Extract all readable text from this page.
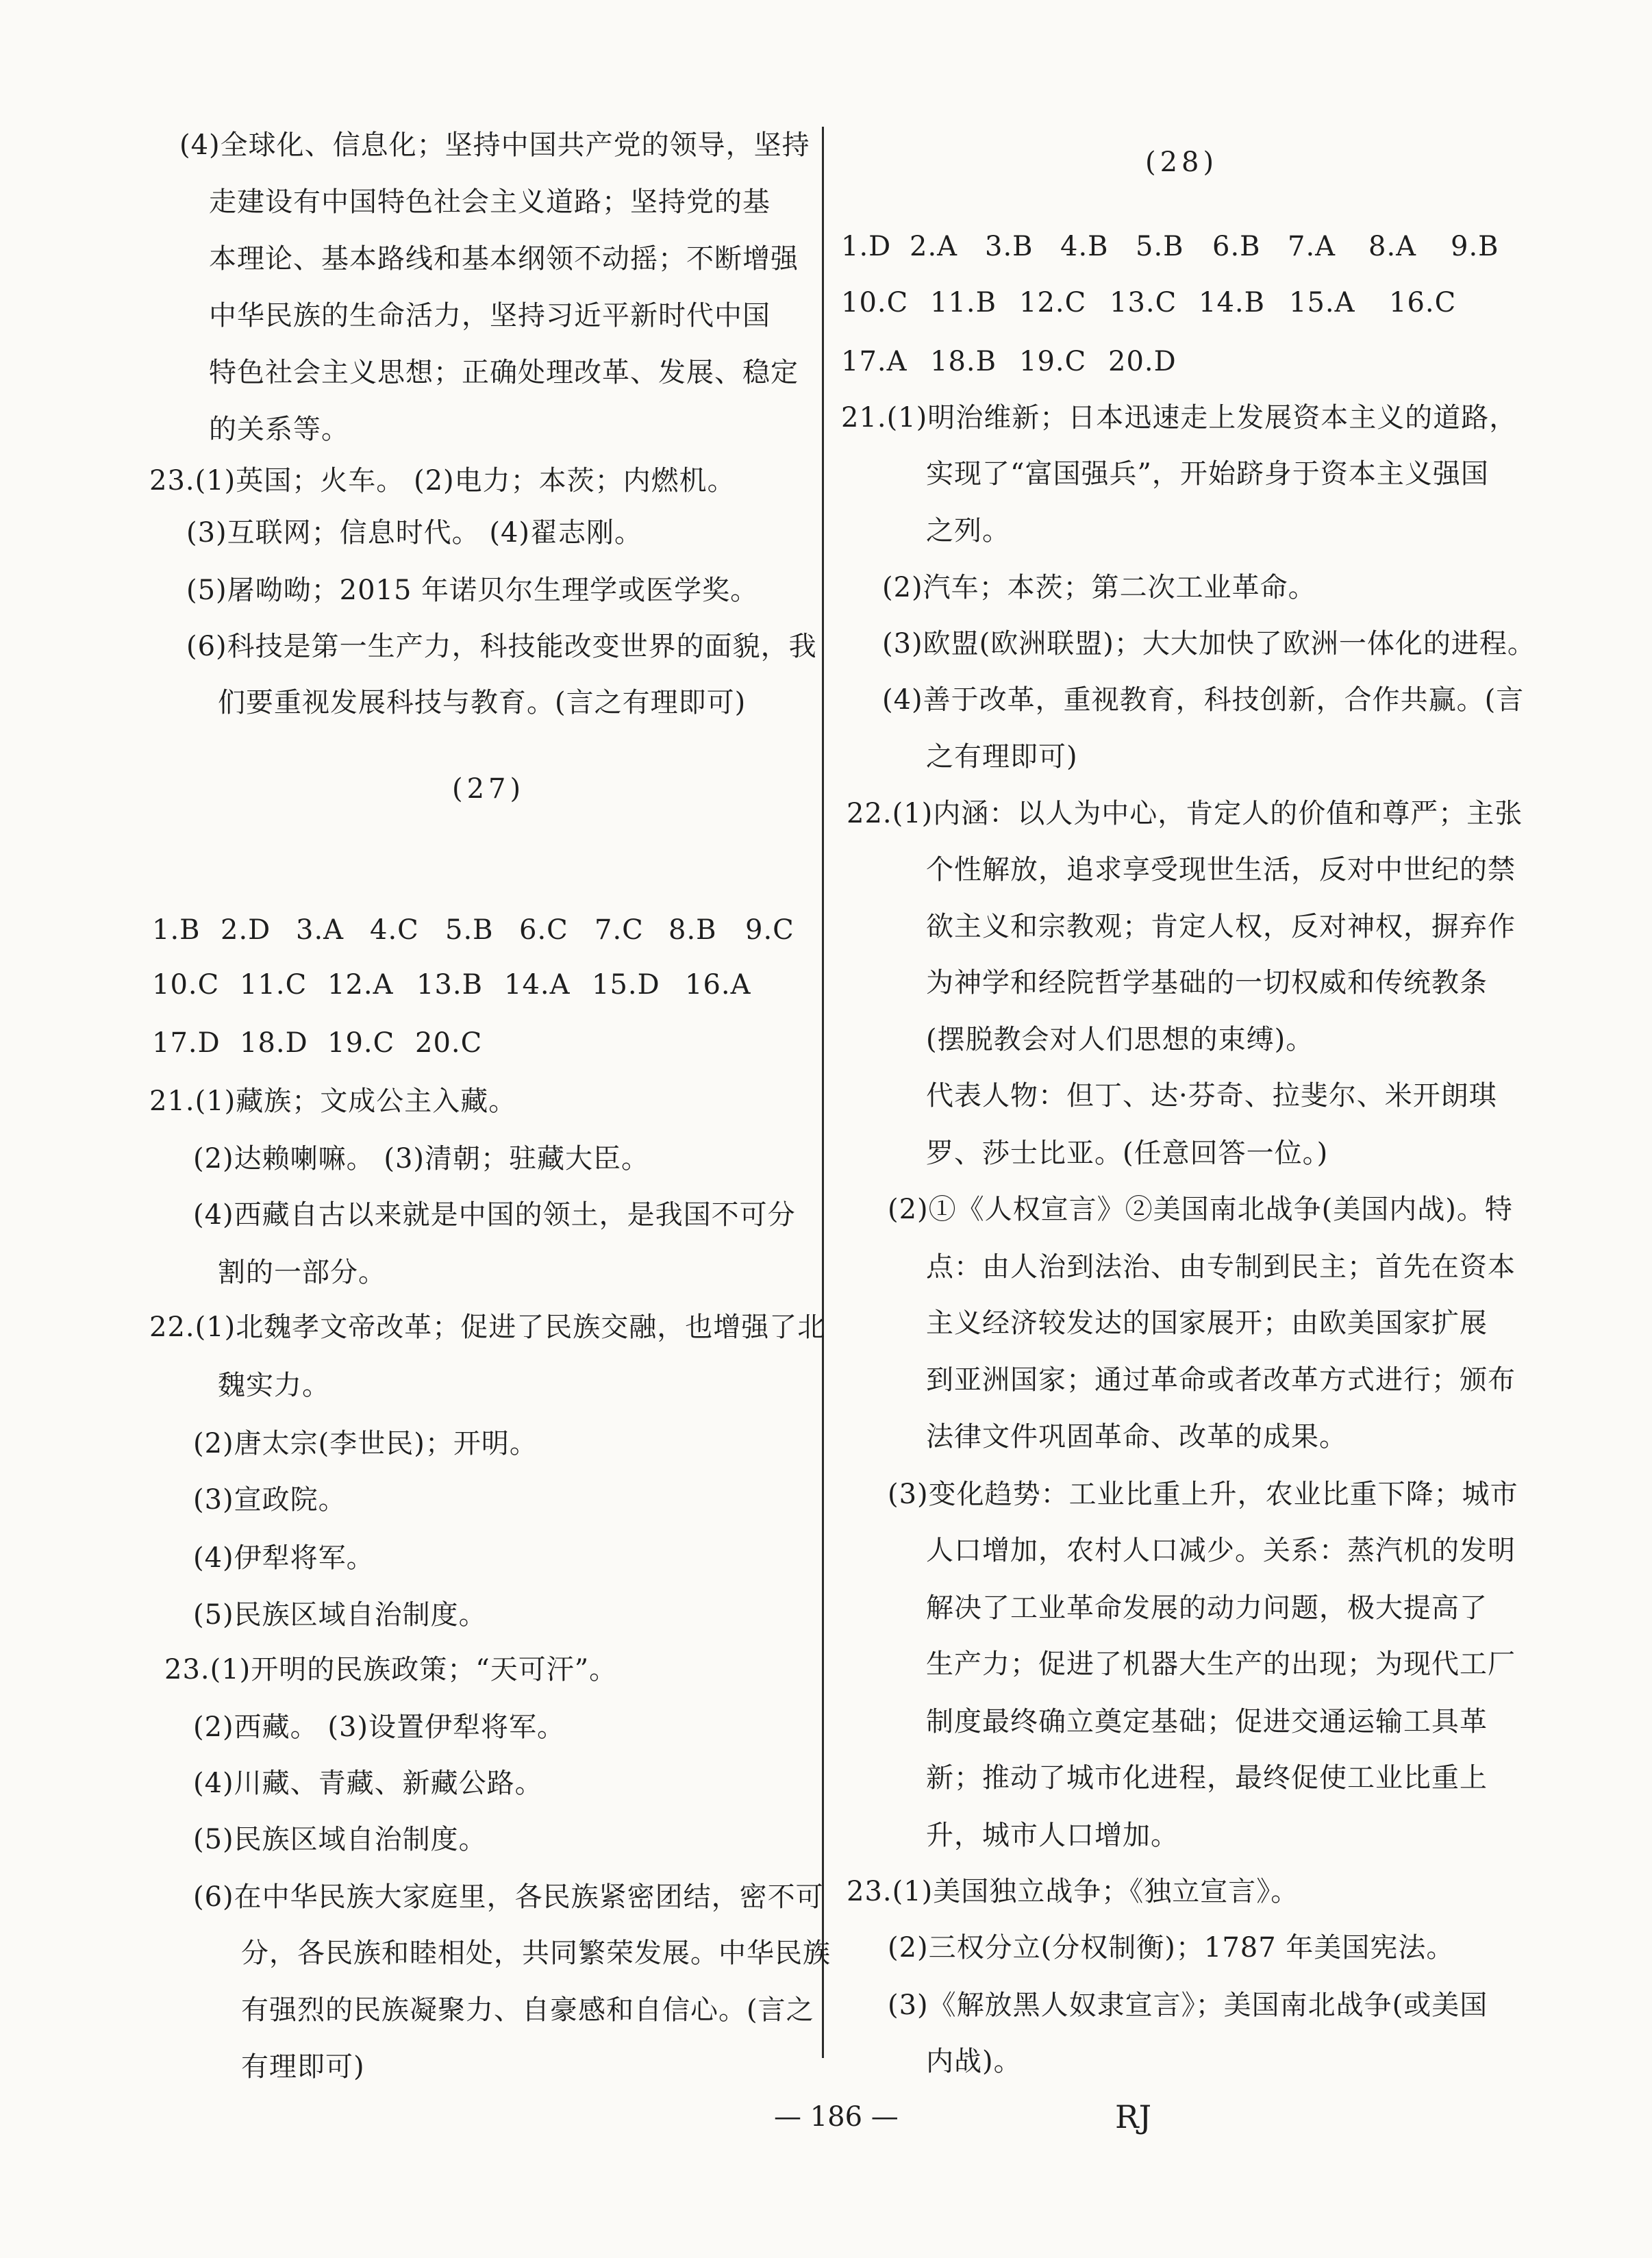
(4)全球化、信息化；坚持中国共产党的领导，坚持
走建设有中国特色社会主义道路；坚持党的基
本理论、基本路线和基本纲领不动摇；不断增强
中华民族的生命活力，坚持习近平新时代中国
特色社会主义思想；正确处理改革、发展、稳定
的关系等。
23.(1)英国；火车。 (2)电力；本茨；内燃机。
(3)互联网；信息时代。 (4)翟志刚。
(5)屠呦呦；2015 年诺贝尔生理学或医学奖。
(6)科技是第一生产力，科技能改变世界的面貌，我
们要重视发展科技与教育。(言之有理即可)
(27)
1.B 2.D 3.A 4.C 5.B 6.C 7.C 8.B 9.C
10.C 11.C 12.A 13.B 14.A 15.D 16.A
17.D 18.D 19.C 20.C
21.(1)藏族；文成公主入藏。
(2)达赖喇嘛。 (3)清朝；驻藏大臣。
(4)西藏自古以来就是中国的领土，是我国不可分
割的一部分。
22.(1)北魏孝文帝改革；促进了民族交融，也增强了北
魏实力。
(2)唐太宗(李世民)；开明。
(3)宣政院。
(4)伊犁将军。
(5)民族区域自治制度。
23.(1)开明的民族政策；“天可汗”。
(2)西藏。 (3)设置伊犁将军。
(4)川藏、青藏、新藏公路。
(5)民族区域自治制度。
(6)在中华民族大家庭里，各民族紧密团结，密不可
分，各民族和睦相处，共同繁荣发展。中华民族
有强烈的民族凝聚力、自豪感和自信心。(言之
有理即可)
(28)
1.D 2.A 3.B 4.B 5.B 6.B 7.A 8.A 9.B
10.C 11.B 12.C 13.C 14.B 15.A 16.C
17.A 18.B 19.C 20.D
21.(1)明治维新；日本迅速走上发展资本主义的道路，
实现了“富国强兵”，开始跻身于资本主义强国
之列。
(2)汽车；本茨；第二次工业革命。
(3)欧盟(欧洲联盟)；大大加快了欧洲一体化的进程。
(4)善于改革，重视教育，科技创新，合作共赢。(言
之有理即可)
22.(1)内涵：以人为中心，肯定人的价值和尊严；主张
个性解放，追求享受现世生活，反对中世纪的禁
欲主义和宗教观；肯定人权，反对神权，摒弃作
为神学和经院哲学基础的一切权威和传统教条
(摆脱教会对人们思想的束缚)。
代表人物：但丁、达·芬奇、拉斐尔、米开朗琪
罗、莎士比亚。(任意回答一位。)
(2)①《人权宣言》②美国南北战争(美国内战)。特
点：由人治到法治、由专制到民主；首先在资本
主义经济较发达的国家展开；由欧美国家扩展
到亚洲国家；通过革命或者改革方式进行；颁布
法律文件巩固革命、改革的成果。
(3)变化趋势：工业比重上升，农业比重下降；城市
人口增加，农村人口减少。关系：蒸汽机的发明
解决了工业革命发展的动力问题，极大提高了
生产力；促进了机器大生产的出现；为现代工厂
制度最终确立奠定基础；促进交通运输工具革
新；推动了城市化进程，最终促使工业比重上
升，城市人口增加。
23.(1)美国独立战争；《独立宣言》。
(2)三权分立(分权制衡)；1787 年美国宪法。
(3)《解放黑人奴隶宣言》；美国南北战争(或美国
内战)。
— 186 —	RJ
